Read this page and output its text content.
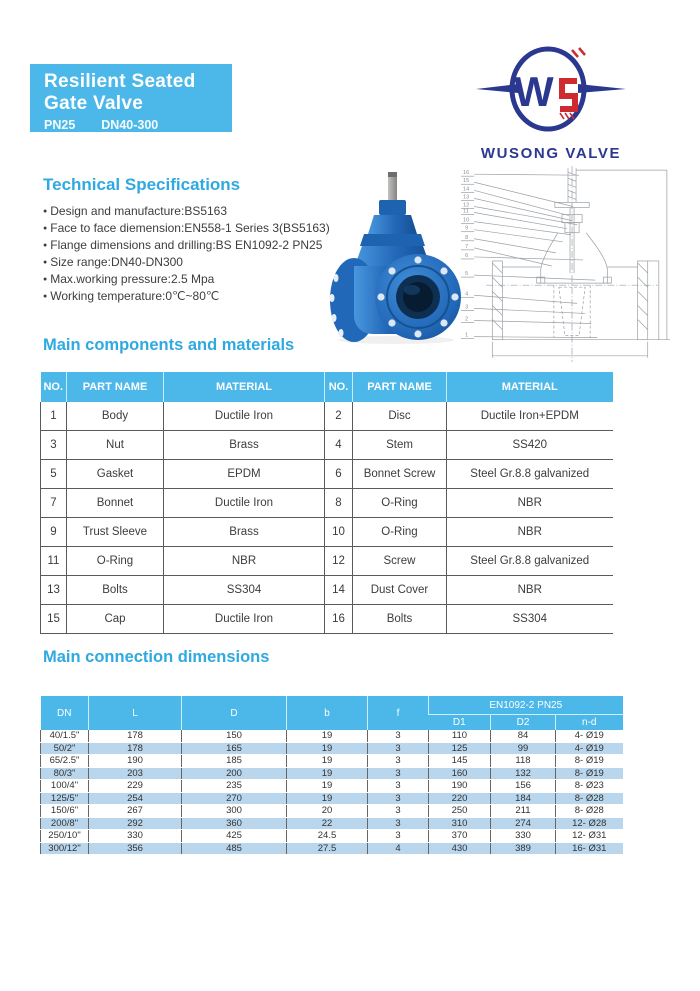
Resilient Seated
Gate Valve
PN25 DN40-300
W
WUSONG VALVE
Technical Specifications
● Design and manufacture:BS5163
● Face to face diemension:EN558-1 Series 3(BS5163)
● Flange dimensions and drilling:BS EN1092-2 PN25
● Size range:DN40-DN300
● Max.working pressure:2.5 Mpa
● Working temperature:0℃~80℃
16
15
14
13
12
11
10
9
8
7
6
5
4
3
2
1
Main components and materials
NO.	PART NAME	MATERIAL	NO.	PART NAME	MATERIAL
1	Body	Ductile Iron	2	Disc	Ductile Iron+EPDM
3	Nut	Brass	4	Stem	SS420
5	Gasket	EPDM	6	Bonnet Screw	Steel Gr.8.8 galvanized
7	Bonnet	Ductile Iron	8	O-Ring	NBR
9	Trust Sleeve	Brass	10	O-Ring	NBR
11	O-Ring	NBR	12	Screw	Steel Gr.8.8 galvanized
13	Bolts	SS304	14	Dust Cover	NBR
15	Cap	Ductile Iron	16	Bolts	SS304
Main connection dimensions
DN	L	D	b	f	EN1092-2 PN25		
					D1	D2	n-d
40/1.5"	178	150	19	3	110	84	4- Ø19
50/2"	178	165	19	3	125	99	4- Ø19
65/2.5"	190	185	19	3	145	118	8- Ø19
80/3"	203	200	19	3	160	132	8- Ø19
100/4"	229	235	19	3	190	156	8- Ø23
125/5"	254	270	19	3	220	184	8- Ø28
150/6"	267	300	20	3	250	211	8- Ø28
200/8"	292	360	22	3	310	274	12- Ø28
250/10"	330	425	24.5	3	370	330	12- Ø31
300/12"	356	485	27.5	4	430	389	16- Ø31
